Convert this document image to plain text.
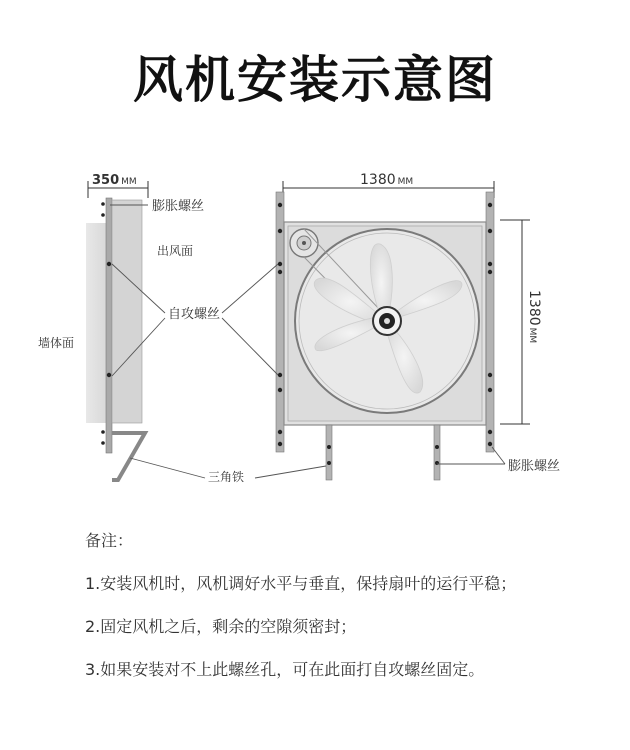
风机安装示意图
350 MM	1380 MM
1380MM
膨胀螺丝
出风面
自攻螺丝
墙体面
三角铁
膨胀螺丝
备注：
1.安装风机时，风机调好水平与垂直，保持扇叶的运行平稳；
2.固定风机之后，剩余的空隙须密封；
3.如果安装对不上此螺丝孔，可在此面打自攻螺丝固定。
